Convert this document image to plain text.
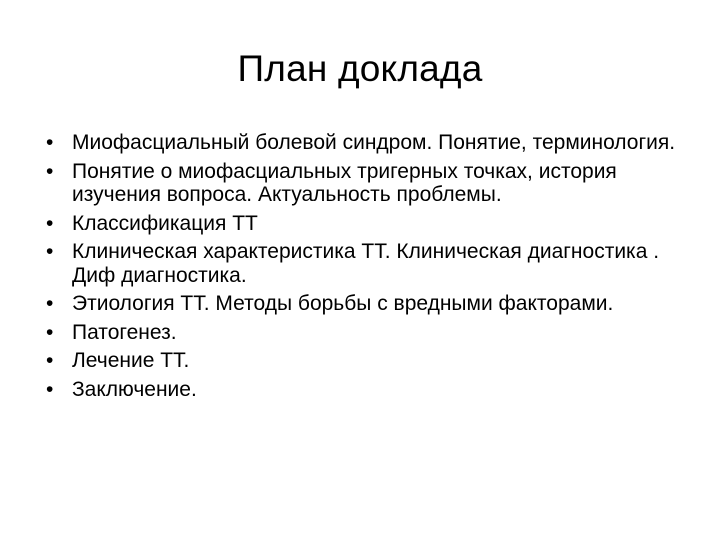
План доклада
• Миофасциальный болевой синдром. Понятие, терминология.
• Понятие о миофасциальных тригерных точках, история изучения вопроса. Актуальность проблемы.
• Классификация ТТ
• Клиническая характеристика ТТ. Клиническая диагностика . Диф диагностика.
• Этиология ТТ. Методы борьбы с вредными факторами.
• Патогенез.
• Лечение ТТ.
• Заключение.
